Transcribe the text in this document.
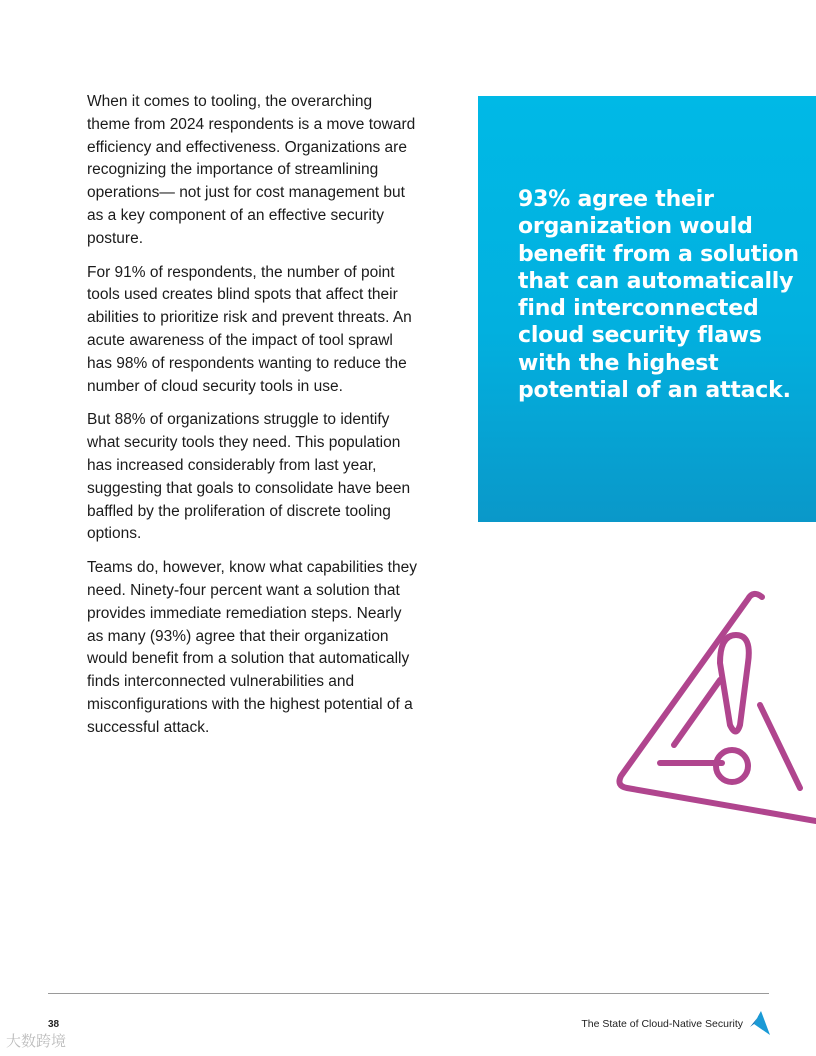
When it comes to tooling, the overarching theme from 2024 respondents is a move toward efficiency and effectiveness. Organizations are recognizing the importance of streamlining operations— not just for cost management but as a key component of an effective security posture.

For 91% of respondents, the number of point tools used creates blind spots that affect their abilities to prioritize risk and prevent threats. An acute awareness of the impact of tool sprawl has 98% of respondents wanting to reduce the number of cloud security tools in use.

But 88% of organizations struggle to identify what security tools they need. This population has increased considerably from last year, suggesting that goals to consolidate have been baffled by the proliferation of discrete tooling options.

Teams do, however, know what capabilities they need. Ninety-four percent want a solution that provides immediate remediation steps. Nearly as many (93%) agree that their organization would benefit from a solution that automatically finds interconnected vulnerabilities and misconfigurations with the highest potential of a successful attack.

93% agree their organization would benefit from a solution that can automatically find interconnected cloud security flaws with the highest potential of an attack.

38	The State of Cloud-Native Security
大数跨境
